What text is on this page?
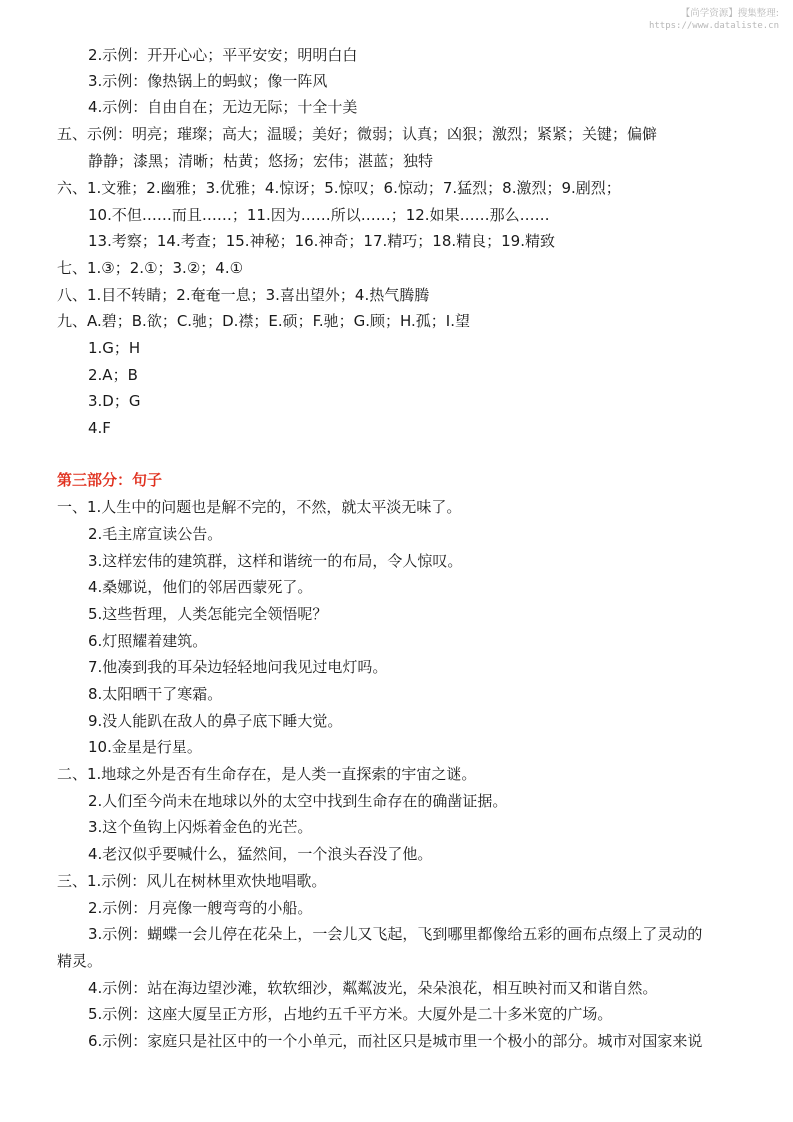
【尚学资源】搜集整理:
https://www.dataliste.cn
2.示例：开开心心；平平安安；明明白白
3.示例：像热锅上的蚂蚁；像一阵风
4.示例：自由自在；无边无际；十全十美
五、示例：明亮；璀璨；高大；温暖；美好；微弱；认真；凶狠；激烈；紧紧；关键；偏僻
静静；漆黑；清晰；枯黄；悠扬；宏伟；湛蓝；独特
六、1.文雅；2.幽雅；3.优雅；4.惊讶；5.惊叹；6.惊动；7.猛烈；8.激烈；9.剧烈；
10.不但……而且……；11.因为……所以……；12.如果……那么……
13.考察；14.考查；15.神秘；16.神奇；17.精巧；18.精良；19.精致
七、1.③；2.①；3.②；4.①
八、1.目不转睛；2.奄奄一息；3.喜出望外；4.热气腾腾
九、A.碧；B.欲；C.驰；D.襟；E.硕；F.驰；G.顾；H.孤；I.望
1.G；H
2.A；B
3.D；G
4.F
第三部分：句子
一、1.人生中的问题也是解不完的，不然，就太平淡无味了。
2.毛主席宣读公告。
3.这样宏伟的建筑群，这样和谐统一的布局，令人惊叹。
4.桑娜说，他们的邻居西蒙死了。
5.这些哲理，人类怎能完全领悟呢？
6.灯照耀着建筑。
7.他凑到我的耳朵边轻轻地问我见过电灯吗。
8.太阳晒干了寒霜。
9.没人能趴在敌人的鼻子底下睡大觉。
10.金星是行星。
二、1.地球之外是否有生命存在，是人类一直探索的宇宙之谜。
2.人们至今尚未在地球以外的太空中找到生命存在的确凿证据。
3.这个鱼钩上闪烁着金色的光芒。
4.老汉似乎要喊什么，猛然间，一个浪头吞没了他。
三、1.示例：风儿在树林里欢快地唱歌。
2.示例：月亮像一艘弯弯的小船。
3.示例：蝴蝶一会儿停在花朵上，一会儿又飞起，飞到哪里都像给五彩的画布点缀上了灵动的
精灵。
4.示例：站在海边望沙滩，软软细沙，粼粼波光，朵朵浪花，相互映衬而又和谐自然。
5.示例：这座大厦呈正方形，占地约五千平方米。大厦外是二十多米宽的广场。
6.示例：家庭只是社区中的一个小单元，而社区只是城市里一个极小的部分。城市对国家来说
